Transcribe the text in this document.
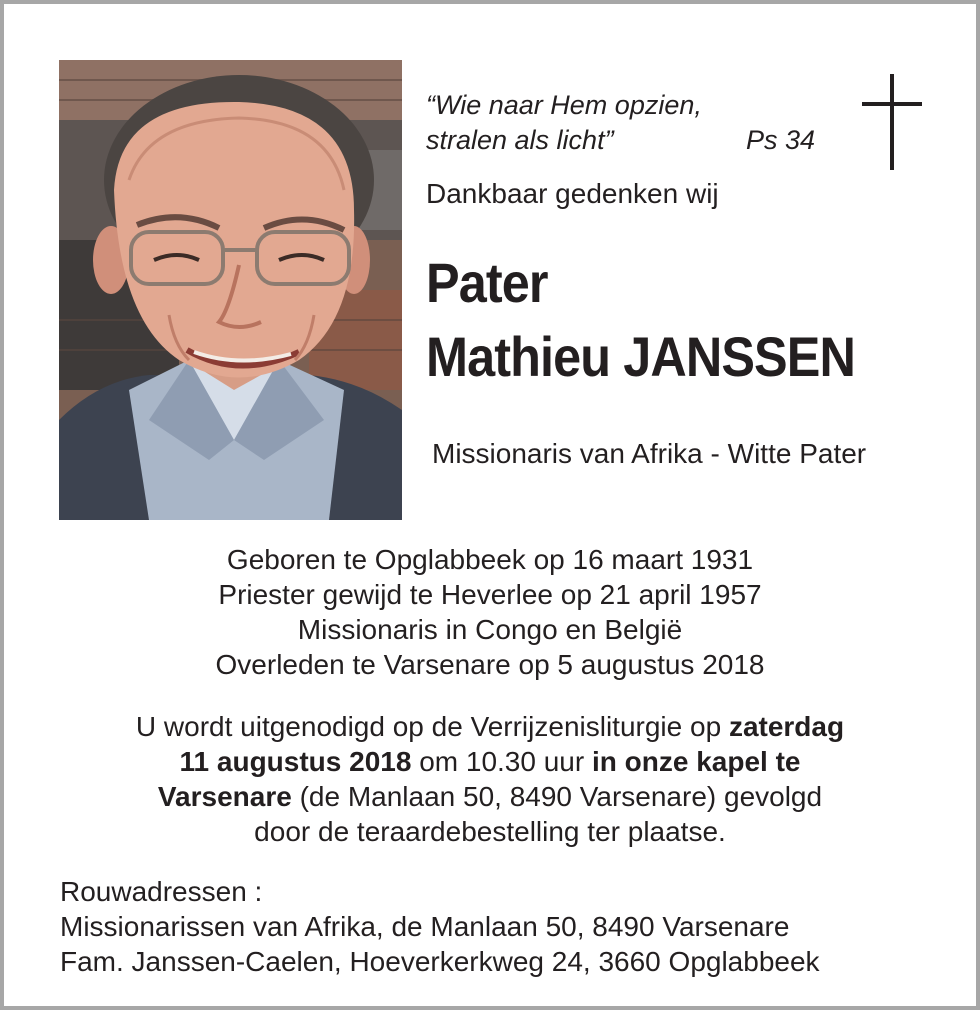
“Wie naar Hem opzien,
stralen als licht”	Ps 34
Dankbaar gedenken wij
Pater
Mathieu JANSSEN
Missionaris van Afrika - Witte Pater
Geboren te Opglabbeek op 16 maart 1931
Priester gewijd te Heverlee op 21 april 1957
Missionaris in Congo en België
Overleden te Varsenare op 5 augustus 2018
U wordt uitgenodigd op de Verrijzenisliturgie op zaterdag
11 augustus 2018 om 10.30 uur in onze kapel te
Varsenare (de Manlaan 50, 8490 Varsenare) gevolgd
door de teraardebestelling ter plaatse.
Rouwadressen :
Missionarissen van Afrika, de Manlaan 50, 8490 Varsenare
Fam. Janssen-Caelen, Hoeverkerkweg 24, 3660 Opglabbeek
